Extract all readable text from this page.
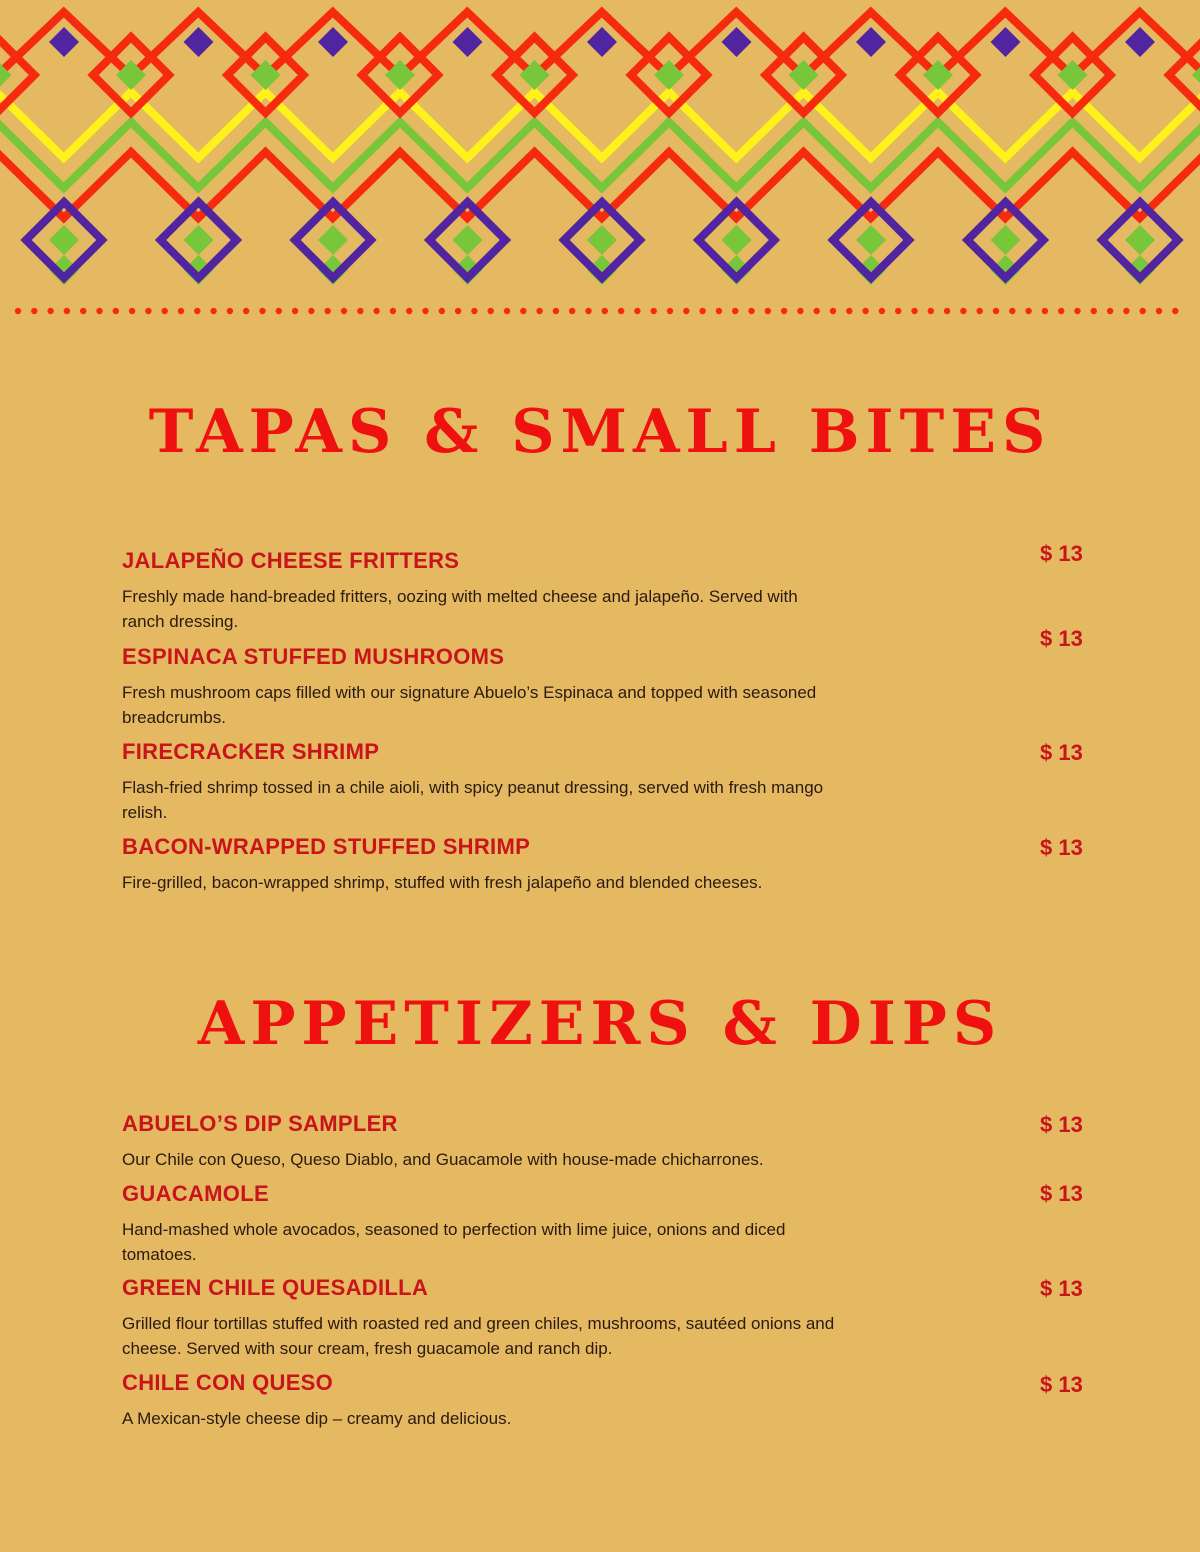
TAPAS & SMALL BITES
JALAPEÑO CHEESE FRITTERS

Freshly made hand-breaded fritters, oozing with melted cheese and jalapeño. Served with ranch dressing.

$ 13
ESPINACA STUFFED MUSHROOMS

Fresh mushroom caps filled with our signature Abuelo’s Espinaca and topped with seasoned breadcrumbs.

$ 13
FIRECRACKER SHRIMP

Flash-fried shrimp tossed in a chile aioli, with spicy peanut dressing, served with fresh mango relish.

$ 13
BACON-WRAPPED STUFFED SHRIMP

Fire-grilled, bacon-wrapped shrimp, stuffed with fresh jalapeño and blended cheeses.

$ 13
APPETIZERS & DIPS
ABUELO’S DIP SAMPLER

Our Chile con Queso, Queso Diablo, and Guacamole with house-made chicharrones.

$ 13
GUACAMOLE

Hand-mashed whole avocados, seasoned to perfection with lime juice, onions and diced tomatoes.

$ 13
GREEN CHILE QUESADILLA

Grilled flour tortillas stuffed with roasted red and green chiles, mushrooms, sautéed onions and cheese. Served with sour cream, fresh guacamole and ranch dip.

$ 13
CHILE CON QUESO

A Mexican-style cheese dip – creamy and delicious.

$ 13
